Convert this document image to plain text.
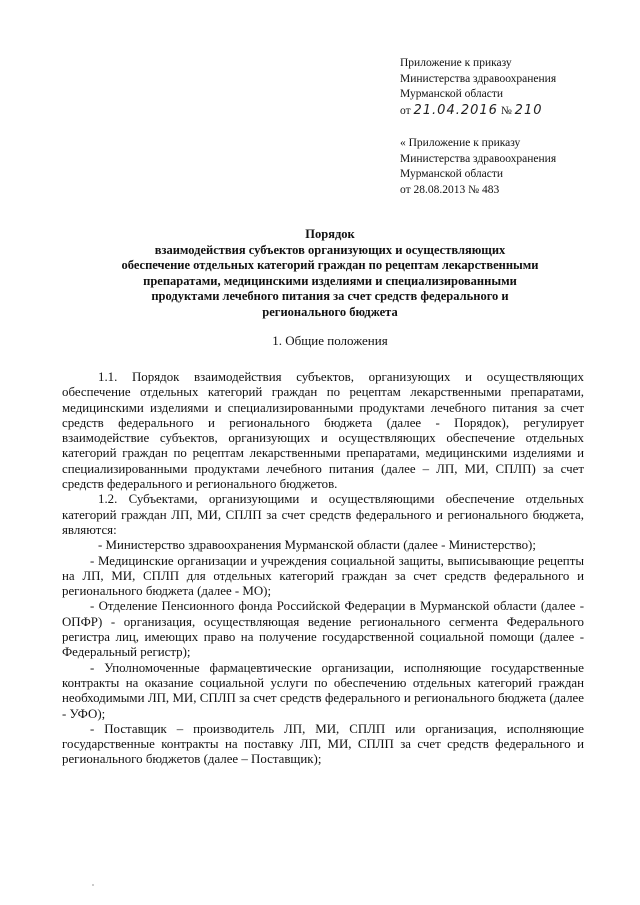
Приложение к приказу
Министерства здравоохранения
Мурманской области
от 21.04.2016 № 210
« Приложение к приказу
Министерства здравоохранения
Мурманской области
от 28.08.2013 № 483
Порядок
взаимодействия субъектов организующих и осуществляющих
обеспечение отдельных категорий граждан по рецептам лекарственными
препаратами, медицинскими изделиями и специализированными
продуктами лечебного питания за счет средств федерального и
регионального бюджета
1. Общие положения

1.1. Порядок взаимодействия субъектов, организующих и осуществляющих обеспечение отдельных категорий граждан по рецептам лекарственными препаратами, медицинскими изделиями и специализированными продуктами лечебного питания за счет средств федерального и регионального бюджета (далее - Порядок), регулирует взаимодействие субъектов, организующих и осуществляющих обеспечение отдельных категорий граждан по рецептам лекарственными препаратами, медицинскими изделиями и специализированными продуктами лечебного питания (далее – ЛП, МИ, СПЛП) за счет средств федерального и регионального бюджетов.

1.2. Субъектами, организующими и осуществляющими обеспечение отдельных категорий граждан ЛП, МИ, СПЛП за счет средств федерального и регионального бюджета, являются:

- Министерство здравоохранения Мурманской области (далее - Министерство);

- Медицинские организации и учреждения социальной защиты, выписывающие рецепты на ЛП, МИ, СПЛП для отдельных категорий граждан за счет средств федерального и регионального бюджета (далее - МО);

- Отделение Пенсионного фонда Российской Федерации в Мурманской области (далее - ОПФР) - организация, осуществляющая ведение регионального сегмента Федерального регистра лиц, имеющих право на получение государственной социальной помощи (далее - Федеральный регистр);

- Уполномоченные фармацевтические организации, исполняющие государственные контракты на оказание социальной услуги по обеспечению отдельных категорий граждан необходимыми ЛП, МИ, СПЛП за счет средств федерального и регионального бюджета (далее - УФО);

- Поставщик – производитель ЛП, МИ, СПЛП или организация, исполняющие государственные контракты на поставку ЛП, МИ, СПЛП за счет средств федерального и регионального бюджетов (далее – Поставщик);
